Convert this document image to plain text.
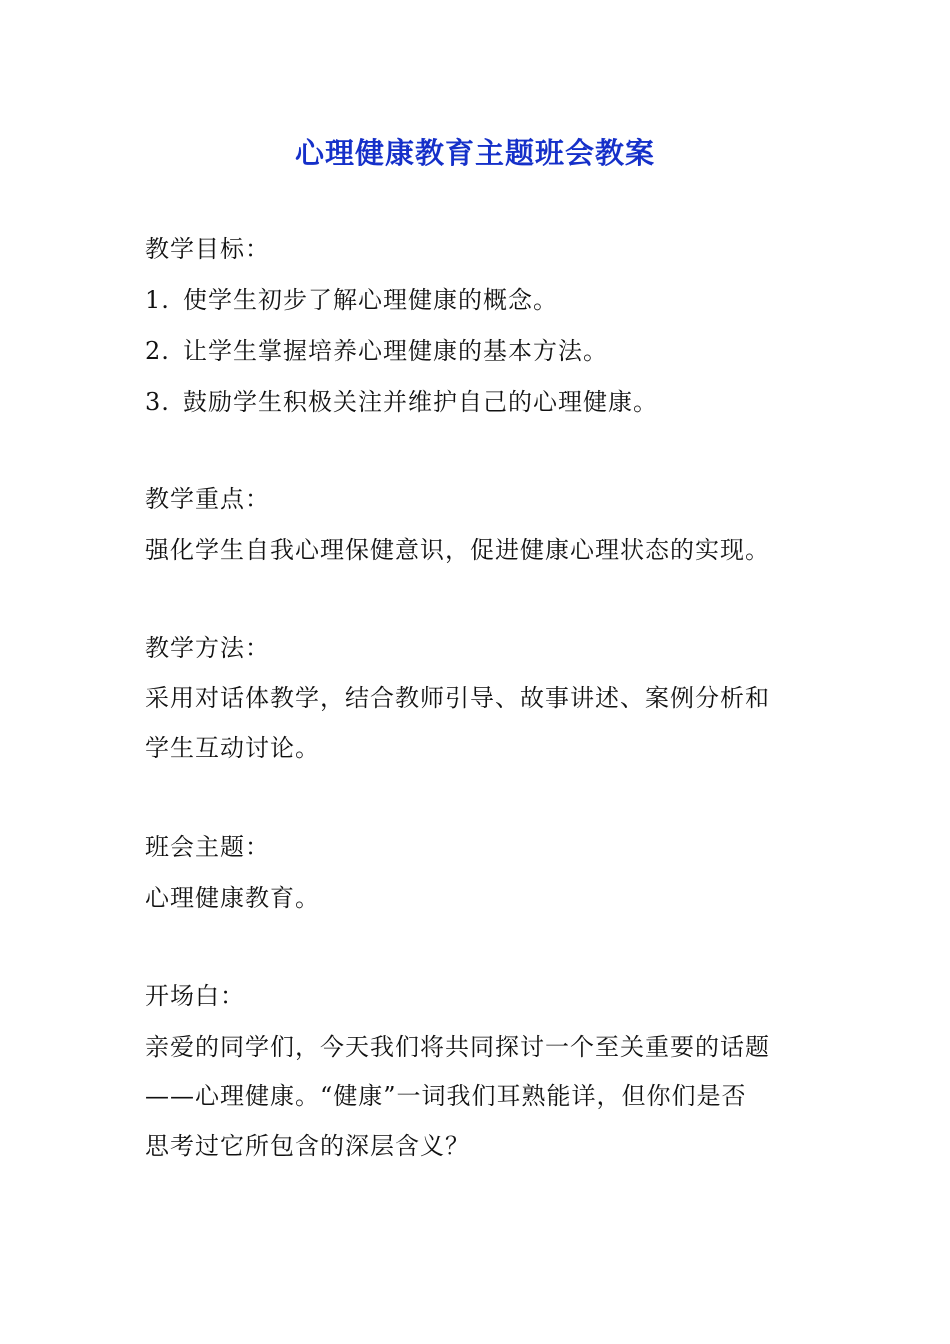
心理健康教育主题班会教案
教学目标：
1. 使学生初步了解心理健康的概念。
2. 让学生掌握培养心理健康的基本方法。
3. 鼓励学生积极关注并维护自己的心理健康。
教学重点：
强化学生自我心理保健意识，促进健康心理状态的实现。
教学方法：
采用对话体教学，结合教师引导、故事讲述、案例分析和
学生互动讨论。
班会主题：
心理健康教育。
开场白：
亲爱的同学们，今天我们将共同探讨一个至关重要的话题
——心理健康。“健康”一词我们耳熟能详，但你们是否
思考过它所包含的深层含义？
